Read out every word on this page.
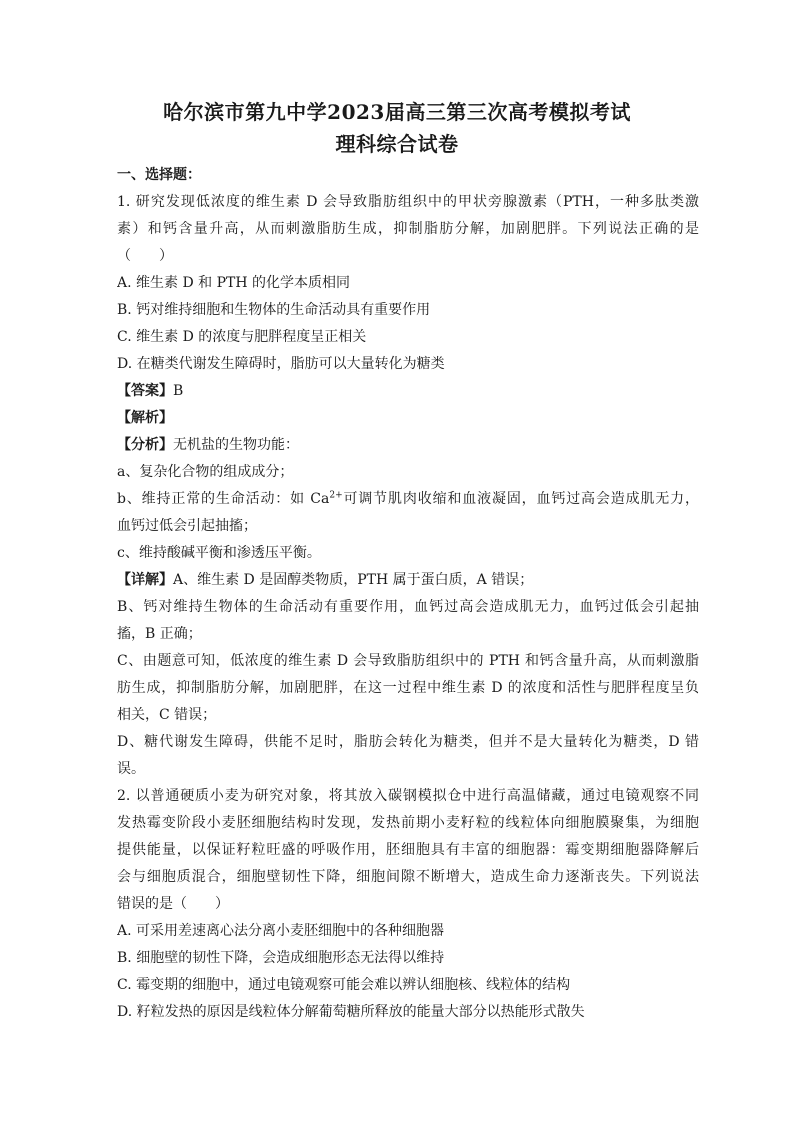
哈尔滨市第九中学2023届高三第三次高考模拟考试
理科综合试卷
一、选择题：
1. 研究发现低浓度的维生素 D 会导致脂肪组织中的甲状旁腺激素（PTH，一种多肽类激
素）和钙含量升高，从而刺激脂肪生成，抑制脂肪分解，加剧肥胖。下列说法正确的是
（　　）
A. 维生素 D 和 PTH 的化学本质相同
B. 钙对维持细胞和生物体的生命活动具有重要作用
C. 维生素 D 的浓度与肥胖程度呈正相关
D. 在糖类代谢发生障碍时，脂肪可以大量转化为糖类
【答案】B
【解析】
【分析】无机盐的生物功能：
a、复杂化合物的组成成分；
b、维持正常的生命活动：如 $Ca^{2+}$可调节肌肉收缩和血液凝固，血钙过高会造成肌无力，
血钙过低会引起抽搐；
c、维持酸碱平衡和渗透压平衡。
【详解】A、维生素 D 是固醇类物质，PTH 属于蛋白质，A 错误；
B、钙对维持生物体的生命活动有重要作用，血钙过高会造成肌无力，血钙过低会引起抽
搐，B 正确；
C、由题意可知，低浓度的维生素 D 会导致脂肪组织中的 PTH 和钙含量升高，从而刺激脂
肪生成，抑制脂肪分解，加剧肥胖，在这一过程中维生素 D 的浓度和活性与肥胖程度呈负
相关，C 错误；
D、糖代谢发生障碍，供能不足时，脂肪会转化为糖类，但并不是大量转化为糖类，D 错
误。
2. 以普通硬质小麦为研究对象，将其放入碳钢模拟仓中进行高温储藏，通过电镜观察不同
发热霉变阶段小麦胚细胞结构时发现，发热前期小麦籽粒的线粒体向细胞膜聚集，为细胞
提供能量，以保证籽粒旺盛的呼吸作用，胚细胞具有丰富的细胞器：霉变期细胞器降解后
会与细胞质混合，细胞壁韧性下降，细胞间隙不断增大，造成生命力逐渐丧失。下列说法
错误的是（　　）
A. 可采用差速离心法分离小麦胚细胞中的各种细胞器
B. 细胞壁的韧性下降，会造成细胞形态无法得以维持
C. 霉变期的细胞中，通过电镜观察可能会难以辨认细胞核、线粒体的结构
D. 籽粒发热的原因是线粒体分解葡萄糖所释放的能量大部分以热能形式散失
